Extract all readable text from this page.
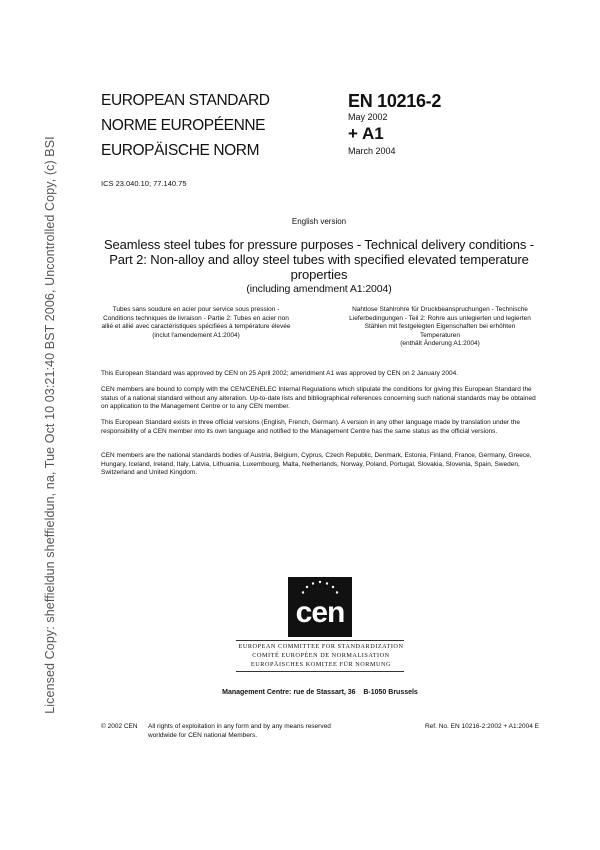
Licensed Copy: sheffieldun sheffieldun, na, Tue Oct 10 03:21:40 BST 2006, Uncontrolled Copy, (c) BSI
EUROPEAN STANDARD
NORME EUROPÉENNE
EUROPÄISCHE NORM
EN 10216-2
May 2002
+ A1
March 2004
ICS 23.040.10; 77.140.75
English version
Seamless steel tubes for pressure purposes - Technical delivery conditions - Part 2: Non-alloy and alloy steel tubes with specified elevated temperature properties
(including amendment A1:2004)
Tubes sans soudure en acier pour service sous pression - Conditions techniques de livraison - Partie 2: Tubes en acier non allié et allié avec caractéristiques spécifiées à température élevée
(inclut l'amendement A1:2004)
Nahtlose Stahlrohre für Druckbeanspruchungen - Technische Lieferbedingungen - Teil 2: Rohre aus unlegierten und legierten Stählen mit festgelegten Eigenschaften bei erhöhten Temperaturen
(enthält Änderung A1:2004)
This European Standard was approved by CEN on 25 April 2002; amendment A1 was approved by CEN on 2 January 2004.
CEN members are bound to comply with the CEN/CENELEC Internal Regulations which stipulate the conditions for giving this European Standard the status of a national standard without any alteration. Up-to-date lists and bibliographical references concerning such national standards may be obtained on application to the Management Centre or to any CEN member.
This European Standard exists in three official versions (English, French, German). A version in any other language made by translation under the responsibility of a CEN member into its own language and notified to the Management Centre has the same status as the official versions.
CEN members are the national standards bodies of Austria, Belgium, Cyprus, Czech Republic, Denmark, Estonia, Finland, France, Germany, Greece, Hungary, Iceland, Ireland, Italy, Latvia, Lithuania, Luxembourg, Malta, Netherlands, Norway, Poland, Portugal, Slovakia, Slovenia, Spain, Sweden, Switzerland and United Kingdom.
cen
EUROPEAN COMMITTEE FOR STANDARDIZATION
COMITÉ EUROPÉEN DE NORMALISATION
EUROPÄISCHES KOMITEE FÜR NORMUNG
Management Centre: rue de Stassart, 36    B-1050 Brussels
© 2002 CEN All rights of exploitation in any form and by any means reserved worldwide for CEN national Members.
Ref. No. EN 10216-2:2002 + A1:2004 E
